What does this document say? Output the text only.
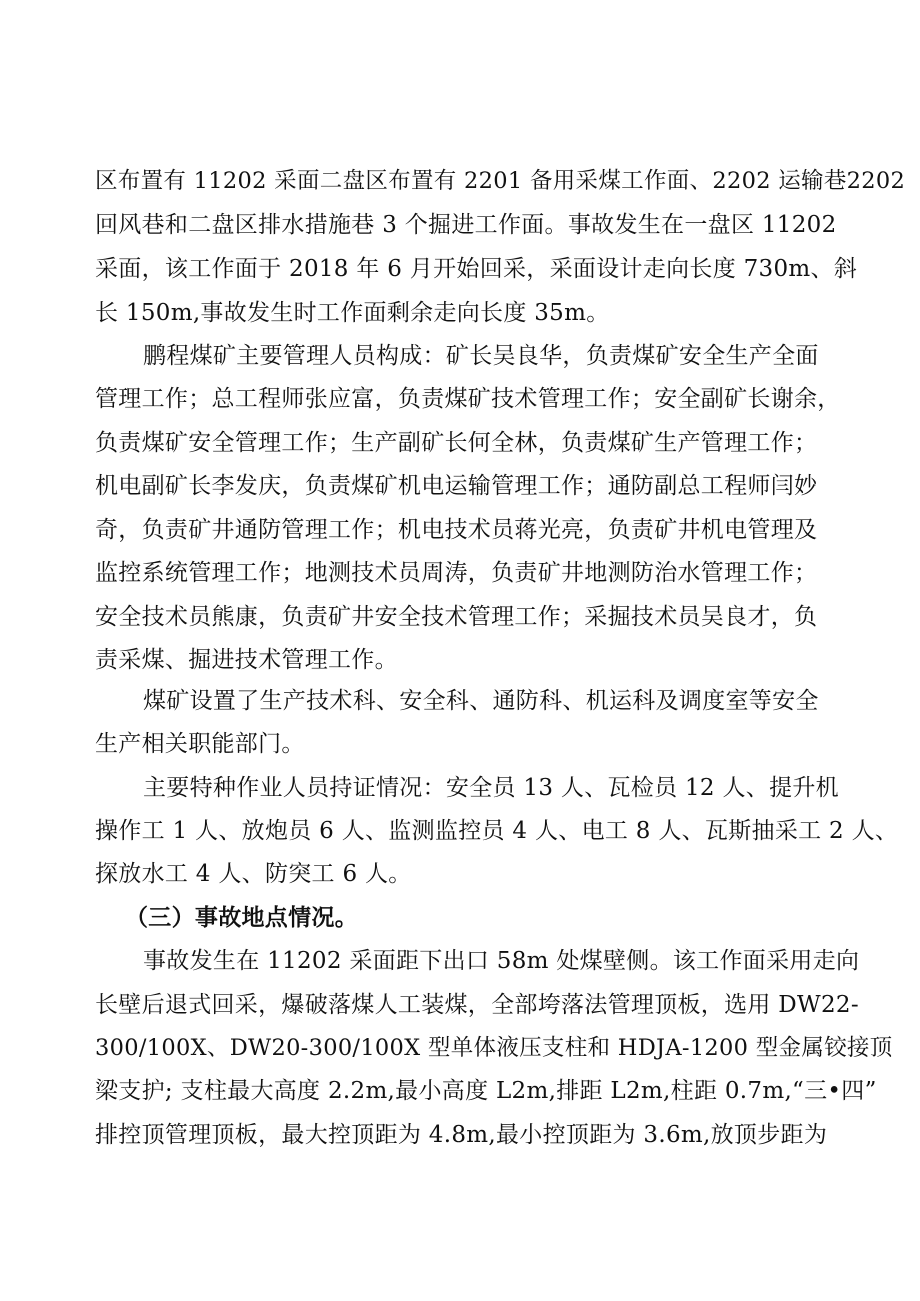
区布置有 11202 采面二盘区布置有 2201 备用采煤工作面、2202 运输巷2202
回风巷和二盘区排水措施巷 3 个掘进工作面。事故发生在一盘区 11202
采面，该工作面于 2018 年 6 月开始回采，采面设计走向长度 730m、斜
长 150m,事故发生时工作面剩余走向长度 35m。
鹏程煤矿主要管理人员构成：矿长吴良华，负责煤矿安全生产全面
管理工作；总工程师张应富，负责煤矿技术管理工作；安全副矿长谢余，
负责煤矿安全管理工作；生产副矿长何全林，负责煤矿生产管理工作；
机电副矿长李发庆，负责煤矿机电运输管理工作；通防副总工程师闫妙
奇，负责矿井通防管理工作；机电技术员蒋光亮，负责矿井机电管理及
监控系统管理工作；地测技术员周涛，负责矿井地测防治水管理工作；
安全技术员熊康，负责矿井安全技术管理工作；采掘技术员吴良才，负
责采煤、掘进技术管理工作。
煤矿设置了生产技术科、安全科、通防科、机运科及调度室等安全
生产相关职能部门。
主要特种作业人员持证情况：安全员 13 人、瓦检员 12 人、提升机
操作工 1 人、放炮员 6 人、监测监控员 4 人、电工 8 人、瓦斯抽采工 2 人、
探放水工 4 人、防突工 6 人。
（三）事故地点情况。
事故发生在 11202 采面距下出口 58m 处煤壁侧。该工作面采用走向
长壁后退式回采，爆破落煤人工装煤，全部垮落法管理顶板，选用 DW22-
300/100X、DW20-300/100X 型单体液压支柱和 HDJA-1200 型金属铰接顶
梁支护; 支柱最大高度 2.2m,最小高度 L2m,排距 L2m,柱距 0.7m,“三•四”
排控顶管理顶板，最大控顶距为 4.8m,最小控顶距为 3.6m,放顶步距为
